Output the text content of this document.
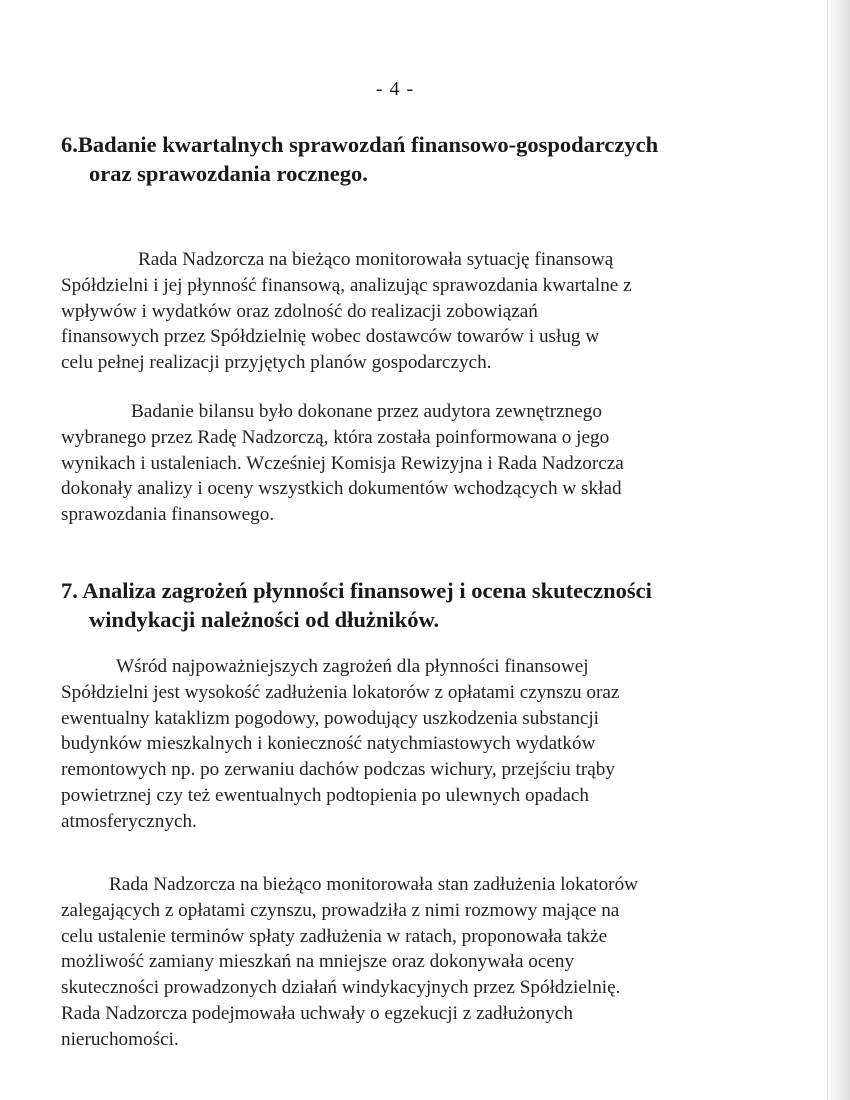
- 4 -
6.Badanie kwartalnych sprawozdań finansowo-gospodarczych
oraz sprawozdania rocznego.

Rada Nadzorcza na bieżąco monitorowała sytuację finansową
Spółdzielni i jej płynność finansową, analizując sprawozdania kwartalne z
wpływów i wydatków oraz zdolność do realizacji zobowiązań
finansowych przez Spółdzielnię wobec dostawców towarów i usług w
celu pełnej realizacji przyjętych planów gospodarczych.

Badanie bilansu było dokonane przez audytora zewnętrznego
wybranego przez Radę Nadzorczą, która została poinformowana o jego
wynikach i ustaleniach. Wcześniej Komisja Rewizyjna i Rada Nadzorcza
dokonały analizy i oceny wszystkich dokumentów wchodzących w skład
sprawozdania finansowego.

7. Analiza zagrożeń płynności finansowej i ocena skuteczności
windykacji należności od dłużników.

Wśród najpoważniejszych zagrożeń dla płynności finansowej
Spółdzielni jest wysokość zadłużenia lokatorów z opłatami czynszu oraz
ewentualny kataklizm pogodowy, powodujący uszkodzenia substancji
budynków mieszkalnych i konieczność natychmiastowych wydatków
remontowych np. po zerwaniu dachów podczas wichury, przejściu trąby
powietrznej czy też ewentualnych podtopienia po ulewnych opadach
atmosferycznych.

Rada Nadzorcza na bieżąco monitorowała stan zadłużenia lokatorów
zalegających z opłatami czynszu, prowadziła z nimi rozmowy mające na
celu ustalenie terminów spłaty zadłużenia w ratach, proponowała także
możliwość zamiany mieszkań na mniejsze oraz dokonywała oceny
skuteczności prowadzonych działań windykacyjnych przez Spółdzielnię.
Rada Nadzorcza podejmowała uchwały o egzekucji z zadłużonych
nieruchomości.
